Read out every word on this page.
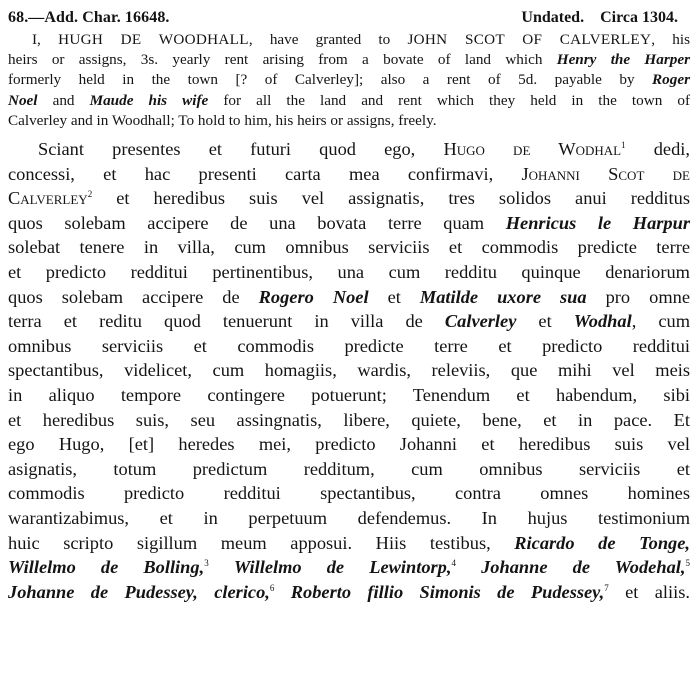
68.—Add. Char. 16648.	Undated. Circa 1304.
I, HUGH DE WOODHALL, have granted to JOHN SCOT OF CALVERLEY, his
heirs or assigns, 3s. yearly rent arising from a bovate of land which Henry the Harper
formerly held in the town [? of Calverley]; also a rent of 5d. payable by Roger
Noel and Maude his wife for all the land and rent which they held in the town of
Calverley and in Woodhall; To hold to him, his heirs or assigns, freely.
Sciant presentes et futuri quod ego, Hugo de Wodhal$^1$ dedi,
concessi, et hac presenti carta mea confirmavi, Johanni Scot de
Calverley$^2$ et heredibus suis vel assignatis, tres solidos anui redditus
quos solebam accipere de una bovata terre quam Henricus le Harpur
solebat tenere in villa, cum omnibus serviciis et commodis predicte terre
et predicto reddituі pertinentibus, una cum redditu quinque denariorum
quos solebam accipere de Rogero Noel et Matilde uxore sua pro omne
terra et reditu quod tenuerunt in villa de Calverley et Wodhal, cum
omnibus serviciis et commodis predicte terre et predicto reddituі
spectantibus, videlicet, cum homagiis, wardis, releviis, que mihi vel meis
in aliquo tempore contingere potuerunt; Tenendum et habendum, sibi
et heredibus suis, seu assingnatis, libere, quiete, bene, et in pace. Et
ego Hugo, [et] heredes mei, predicto Johanni et heredibus suis vel
asignatis, totum predictum redditum, cum omnibus serviciis et
commodis predicto reddituі spectantibus, contra omnes homines
warantizabimus, et in perpetuum defendemus. In hujus testimonium
huic scripto sigillum meum apposui. Hiis testibus, Ricardo de Tonge,
Willelmo de Bolling,$^3$ Willelmo de Lewintorp,$^4$ Johanne de Wodehal,$^5$
Johanne de Pudessey, clerico,$^6$ Roberto fillio Simonis de Pudessey,$^7$ et aliis.
